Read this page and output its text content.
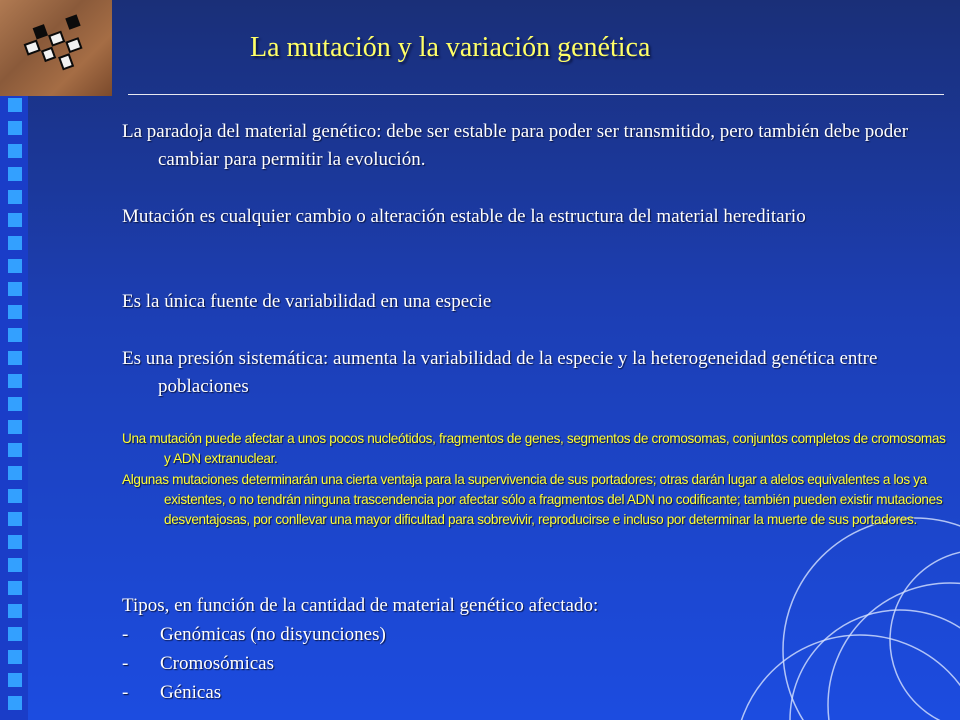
La mutación y la variación genética

La paradoja del material genético: debe ser estable para poder ser transmitido, pero también debe poder cambiar para permitir la evolución.

Mutación es cualquier cambio o alteración estable de la estructura del material hereditario

Es la única fuente de variabilidad en una especie

Es una presión sistemática: aumenta la variabilidad de la especie y la heterogeneidad genética entre poblaciones

Una mutación puede afectar a unos pocos nucleótidos, fragmentos de genes, segmentos de cromosomas, conjuntos completos de cromosomas y ADN extranuclear.

Algunas mutaciones determinarán una cierta ventaja para la supervivencia de sus portadores; otras darán lugar a alelos equivalentes a los ya existentes, o no tendrán ninguna trascendencia por afectar sólo a fragmentos del ADN no codificante; también pueden existir mutaciones desventajosas, por conllevar una mayor dificultad para sobrevivir, reproducirse e incluso por determinar la muerte de sus portadores.

Tipos, en función de la cantidad de material genético afectado:
- Genómicas (no disyunciones)
- Cromosómicas
- Génicas
